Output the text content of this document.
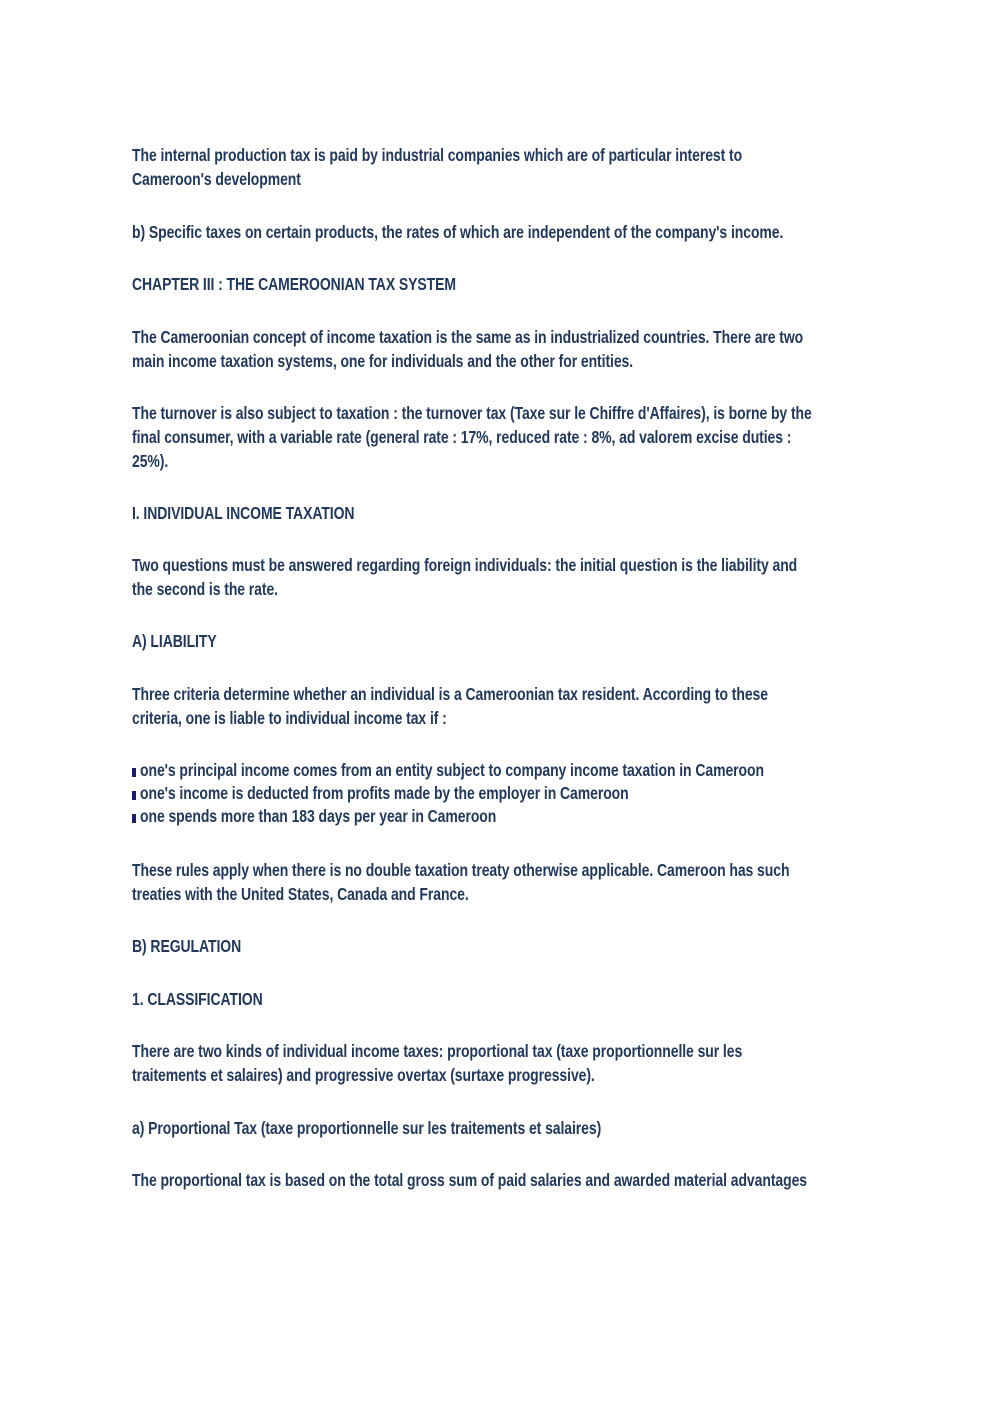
The internal production tax is paid by industrial companies which are of particular interest to
Cameroon's development
b) Specific taxes on certain products, the rates of which are independent of the company's income.
CHAPTER III : THE CAMEROONIAN TAX SYSTEM
The Cameroonian concept of income taxation is the same as in industrialized countries. There are two
main income taxation systems, one for individuals and the other for entities.
The turnover is also subject to taxation : the turnover tax (Taxe sur le Chiffre d'Affaires), is borne by the
final consumer, with a variable rate (general rate : 17%, reduced rate : 8%, ad valorem excise duties :
25%).
I. INDIVIDUAL INCOME TAXATION
Two questions must be answered regarding foreign individuals: the initial question is the liability and
the second is the rate.
A) LIABILITY
Three criteria determine whether an individual is a Cameroonian tax resident. According to these
criteria, one is liable to individual income tax if :
one's principal income comes from an entity subject to company income taxation in Cameroon
one's income is deducted from profits made by the employer in Cameroon
one spends more than 183 days per year in Cameroon
These rules apply when there is no double taxation treaty otherwise applicable. Cameroon has such
treaties with the United States, Canada and France.
B) REGULATION
1. CLASSIFICATION
There are two kinds of individual income taxes: proportional tax (taxe proportionnelle sur les
traitements et salaires) and progressive overtax (surtaxe progressive).
a) Proportional Tax (taxe proportionnelle sur les traitements et salaires)
The proportional tax is based on the total gross sum of paid salaries and awarded material advantages
